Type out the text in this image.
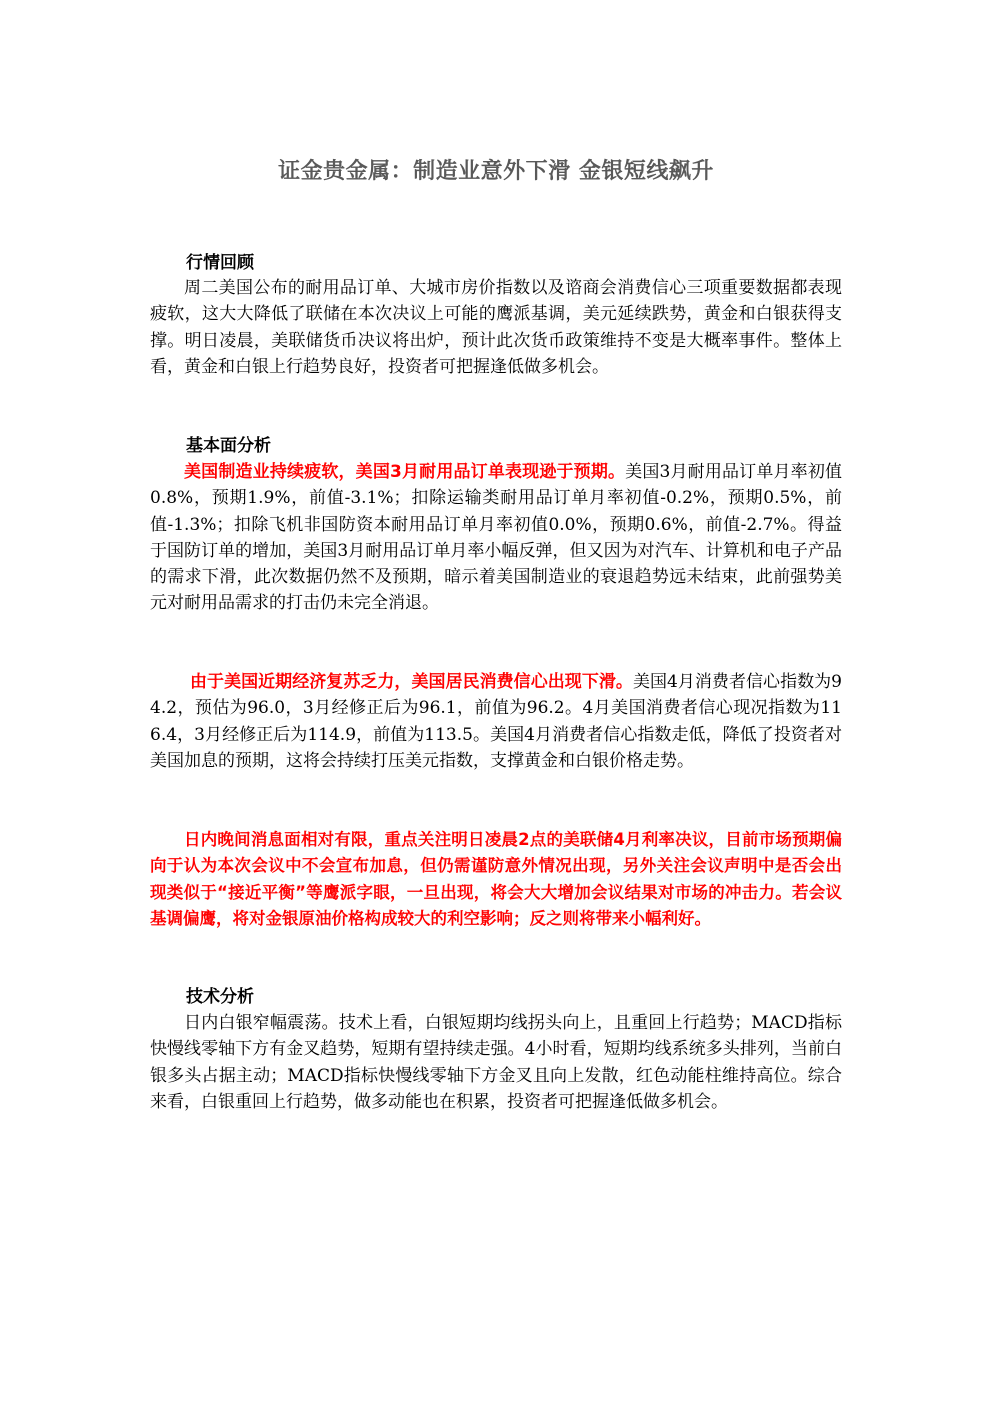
证金贵金属：制造业意外下滑 金银短线飙升
行情回顾
周二美国公布的耐用品订单、大城市房价指数以及谘商会消费信心三项重要数据都表现疲软，这大大降低了联储在本次决议上可能的鹰派基调，美元延续跌势，黄金和白银获得支撑。明日凌晨，美联储货币决议将出炉，预计此次货币政策维持不变是大概率事件。整体上看，黄金和白银上行趋势良好，投资者可把握逢低做多机会。
基本面分析
美国制造业持续疲软，美国3月耐用品订单表现逊于预期。美国3月耐用品订单月率初值0.8%，预期1.9%，前值-3.1%；扣除运输类耐用品订单月率初值-0.2%，预期0.5%，前值-1.3%；扣除飞机非国防资本耐用品订单月率初值0.0%，预期0.6%，前值-2.7%。得益于国防订单的增加，美国3月耐用品订单月率小幅反弹，但又因为对汽车、计算机和电子产品的需求下滑，此次数据仍然不及预期，暗示着美国制造业的衰退趋势远未结束，此前强势美元对耐用品需求的打击仍未完全消退。
由于美国近期经济复苏乏力，美国居民消费信心出现下滑。美国4月消费者信心指数为94.2，预估为96.0，3月经修正后为96.1，前值为96.2。4月美国消费者信心现况指数为116.4，3月经修正后为114.9，前值为113.5。美国4月消费者信心指数走低，降低了投资者对美国加息的预期，这将会持续打压美元指数，支撑黄金和白银价格走势。
日内晚间消息面相对有限，重点关注明日凌晨2点的美联储4月利率决议，目前市场预期偏向于认为本次会议中不会宣布加息，但仍需谨防意外情况出现，另外关注会议声明中是否会出现类似于“接近平衡”等鹰派字眼，一旦出现，将会大大增加会议结果对市场的冲击力。若会议基调偏鹰，将对金银原油价格构成较大的利空影响；反之则将带来小幅利好。
技术分析
日内白银窄幅震荡。技术上看，白银短期均线拐头向上，且重回上行趋势；MACD指标快慢线零轴下方有金叉趋势，短期有望持续走强。4小时看，短期均线系统多头排列，当前白银多头占据主动；MACD指标快慢线零轴下方金叉且向上发散，红色动能柱维持高位。综合来看，白银重回上行趋势，做多动能也在积累，投资者可把握逢低做多机会。
